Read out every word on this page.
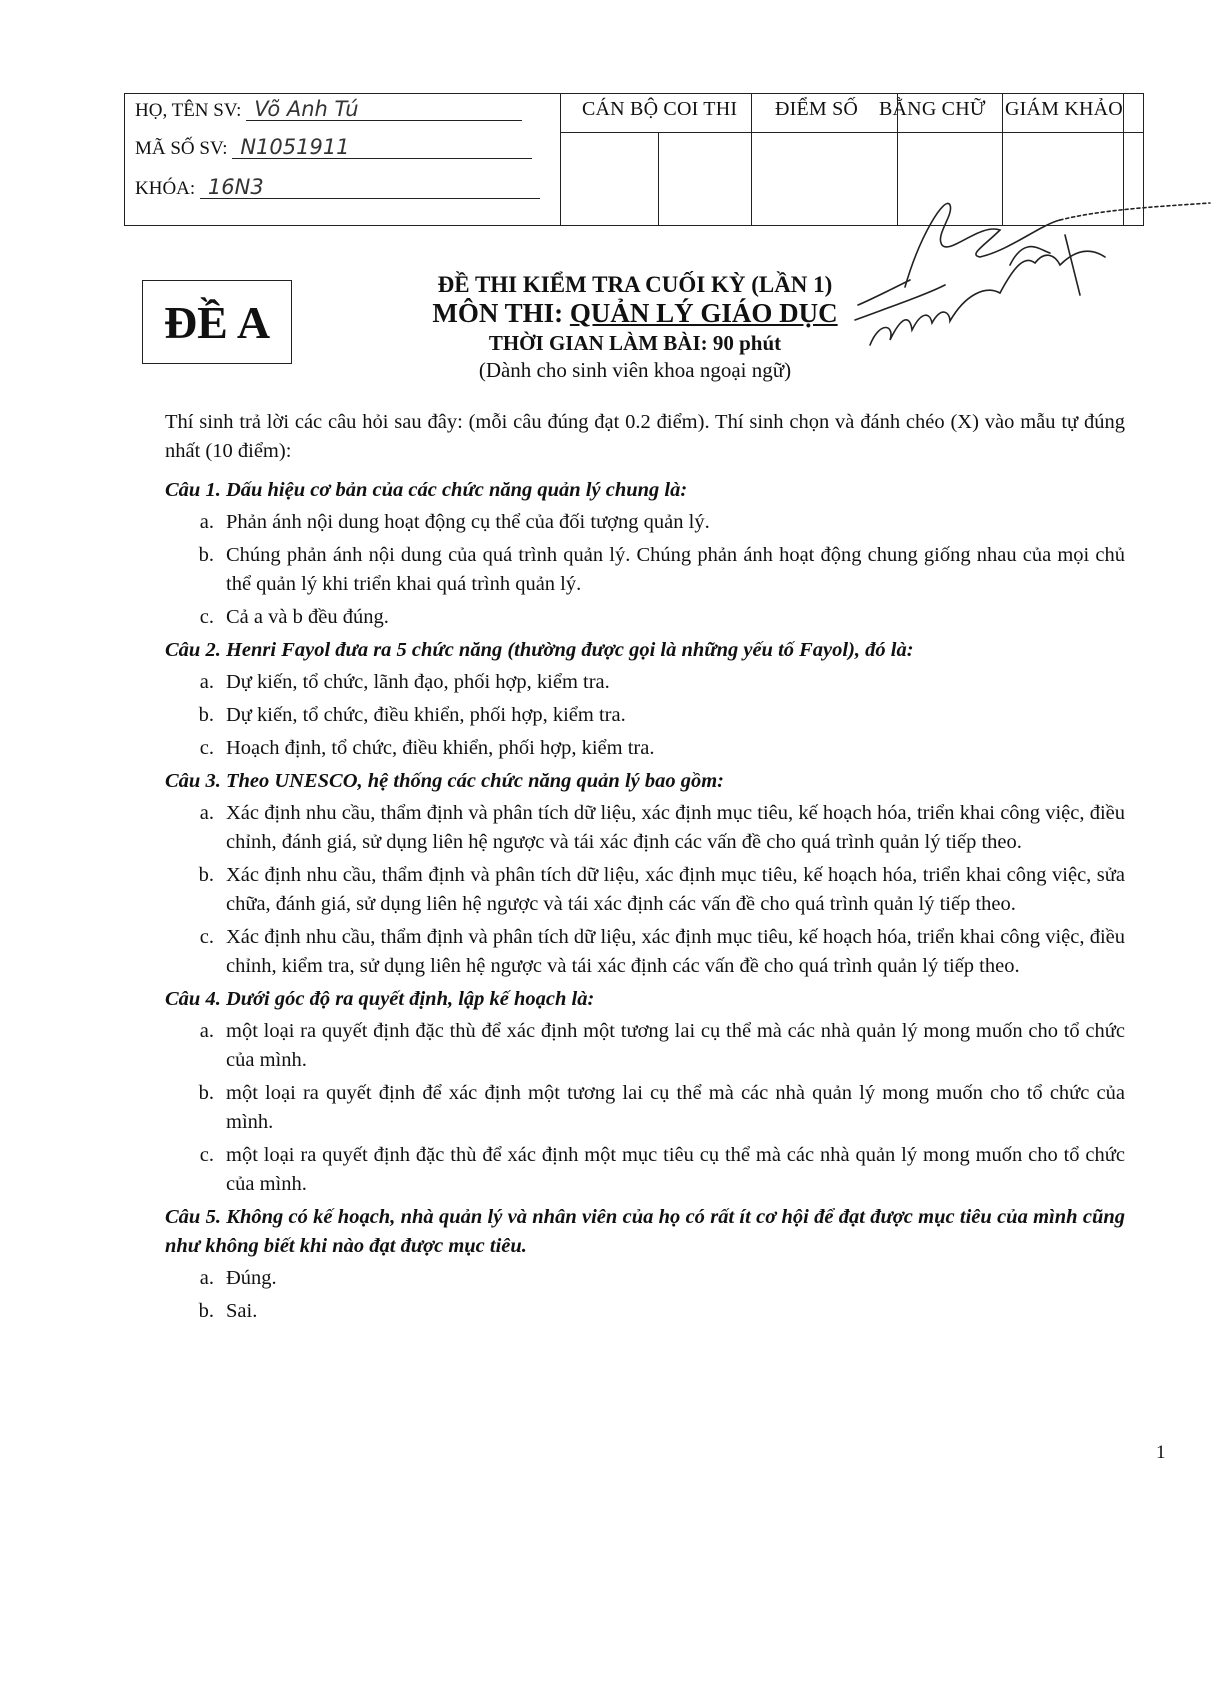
CÁN BỘ COI THI ĐIỂM SỐ BẰNG CHỮ GIÁM KHẢO
HỌ, TÊN SV: Võ Anh Tú
MÃ SỐ SV: N1051911
KHÓA: 16N3
ĐỀ A
ĐỀ THI KIỂM TRA CUỐI KỲ (LẦN 1)
MÔN THI: QUẢN LÝ GIÁO DỤC
THỜI GIAN LÀM BÀI: 90 phút
(Dành cho sinh viên khoa ngoại ngữ)

Thí sinh trả lời các câu hỏi sau đây: (mỗi câu đúng đạt 0.2 điểm). Thí sinh chọn và đánh chéo (X) vào mẫu tự đúng nhất (10 điểm):

Câu 1. Dấu hiệu cơ bản của các chức năng quản lý chung là:
a. Phản ánh nội dung hoạt động cụ thể của đối tượng quản lý.
b. Chúng phản ánh nội dung của quá trình quản lý. Chúng phản ánh hoạt động chung giống nhau của mọi chủ thể quản lý khi triển khai quá trình quản lý.
c. Cả a và b đều đúng.
Câu 2. Henri Fayol đưa ra 5 chức năng (thường được gọi là những yếu tố Fayol), đó là:
a. Dự kiến, tổ chức, lãnh đạo, phối hợp, kiểm tra.
b. Dự kiến, tổ chức, điều khiển, phối hợp, kiểm tra.
c. Hoạch định, tổ chức, điều khiển, phối hợp, kiểm tra.
Câu 3. Theo UNESCO, hệ thống các chức năng quản lý bao gồm:
a. Xác định nhu cầu, thẩm định và phân tích dữ liệu, xác định mục tiêu, kế hoạch hóa, triển khai công việc, điều chỉnh, đánh giá, sử dụng liên hệ ngược và tái xác định các vấn đề cho quá trình quản lý tiếp theo.
b. Xác định nhu cầu, thẩm định và phân tích dữ liệu, xác định mục tiêu, kế hoạch hóa, triển khai công việc, sửa chữa, đánh giá, sử dụng liên hệ ngược và tái xác định các vấn đề cho quá trình quản lý tiếp theo.
c. Xác định nhu cầu, thẩm định và phân tích dữ liệu, xác định mục tiêu, kế hoạch hóa, triển khai công việc, điều chỉnh, kiểm tra, sử dụng liên hệ ngược và tái xác định các vấn đề cho quá trình quản lý tiếp theo.
Câu 4. Dưới góc độ ra quyết định, lập kế hoạch là:
a. một loại ra quyết định đặc thù để xác định một tương lai cụ thể mà các nhà quản lý mong muốn cho tổ chức của mình.
b. một loại ra quyết định để xác định một tương lai cụ thể mà các nhà quản lý mong muốn cho tổ chức của mình.
c. một loại ra quyết định đặc thù để xác định một mục tiêu cụ thể mà các nhà quản lý mong muốn cho tổ chức của mình.
Câu 5. Không có kế hoạch, nhà quản lý và nhân viên của họ có rất ít cơ hội để đạt được mục tiêu của mình cũng như không biết khi nào đạt được mục tiêu.
a. Đúng.
b. Sai.
1
